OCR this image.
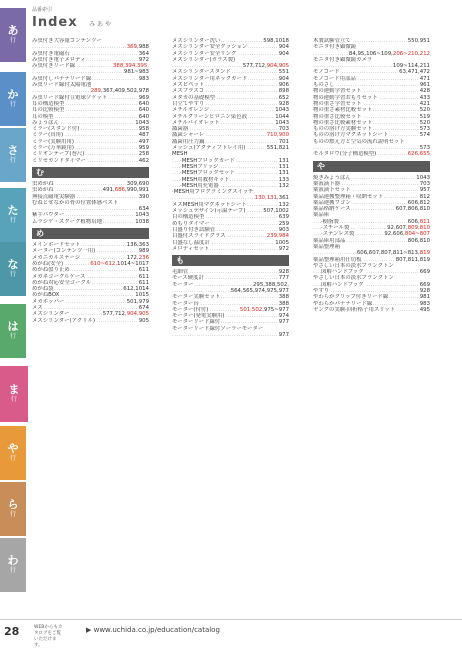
あ
行
か
行
さ
行
た
行
な
行
は
行
ま
行
や
行
ら
行
わ
行
品番索引
Index み あ や
み虫付き大容量コンテンツー
369,988 .....
み虫付き電磁石	364
.....
み虫付き電子メロディ	972
.....
み虫付きリード線	388,394,395,
.....
981~983 .....
み虫付しバナナリード線	983
.....
み虫リード線付太陽電池
289,367,409,502,978 .....
み虫リード線付豆電球ソケット	969
.....
耳の構造模型	640
.....
耳の比較模型	640
.....
耳の模型	640
.....
みょうばん	1043
.....
ミラー(スタンド付)	958
.....
ミラー(真角)	487
.....
ミラー(実験用角)	497
.....
ミラー(万華鏡用)	959
.....
ミリオンテープ(巻尺)	258
.....
ミリセカンドタイマー	462
.....
む
虫めがね	309,690
.....
虫めがね	491,686,990,991
.....
無接点磁電実験器	390
.....
むねとせなかの骨の位置体感ベスト
634 .....
紫芋パウダー	1043
.....
ムラシゲ・スクーグ植物培地	1038
.....
め
メインボードセット	136,363
.....
メーター(コンテンツ一用)	989
.....
メカニカルステージ	172,236
.....
めがね(安全)	610~612,1014~1017
.....
めがね曇り止め	611
.....
メガネゴーグルケース	611
.....
めがね対応安全ゴーグル	611
.....
めがね袋	612,1014
.....
めがねBOX	1015
.....
メカホッパー	501,979
.....
メス	674
.....
メスシリンダー	577,712,904,905
.....
メスシリンダー(アクリル)	905
.....
メスシリンダー洗い	598,1018
.....
メスシリンダー安全クッション	904
.....
メスシリンダー安全リング	904
.....
メスシリンダー(ガラス製)
577,712,904,905 .....
メスシリンダースタンド	551
.....
メスシリンダー用ネックガード	904
.....
メスピペット	906
.....
メスフラスコ	898
.....
メダカの基礎模型	652
.....
目立てやすり	928
.....
メチルオレンジ	1043
.....
メチルグリーンピロニン染色液	1044
.....
メチルバイオレット	1043
.....
滅菌器	703
.....
滅菌シャーレ	710,900
.....
滅菌用圧力鍋	701
.....
メッシュ(アクティブトレイ用)	551,821
.....
MESH
·MESHブロックカード	131
.....
·MESHブリッジ	131
.....
·MESHブロックセット	131
.....
·MESH用教材キット	133
.....
·MESH用充電器	132
.....
·MESH用プログラミングスイッチ
130,131,361 .....
メスMESH用マグネットシート	132
.....
メッシュデザイン(示温テープ)	507,1002
.....
目の構造模型	639
.....
めもりタイマー	259
.....
目盛り付き試験管	903
.....
目盛付スライドグラス	239,984
.....
目盛なし温度計	1005
.....
メロディセット	972
.....
も
毛細管	928
.....
モース硬度計	777
.....
モーター	295,388,502,
.....
564,565,974,975,977 .....
モーター実験セット	388
.....
モーター台	388
.....
モーター(付付)	501,502,975~977
.....
モーター(発電実験用)	974
.....
モーターリード線付	977
.....
モーターリード線付ソーラーモーター
977 .....
木製試験管立て	550,951
.....
モニタ付き顕微鏡
84,95,106~109,206~210,212 .....
モニタ付き顕微鏡カメラ
109~114,211 .....
モノコード	63,471,472
.....
モノコード用部品	471
.....
ものさし	961
.....
物の運動学習セット	428
.....
物の運動学習おもりセット	433
.....
物の重さ学習セット	421
.....
物の重さ素材比較セット	520
.....
物の重さ比較セット	519
.....
物の重さ比較素材セット	520
.....
ものの溶け方実験セット	573
.....
ものの溶け方マグネットシート	574
.....
ものの燃え方と空気の流れ説明セット
573 .....
モルタロウ(分子構造模型)	626,655
.....
や
焼きみょうばん	1043
.....
薬液滴下器	703
.....
薬液滴下セット	957
.....
薬品運搬整理箱・収納セット	812
.....
薬品運搬ワゴン	606,812
.....
薬品格納ケース	607,806,810
.....
薬品庫
·樹脂製	606,811
.....
·スチール製	92,607,809,810
.....
·ステンレス製	92,606,804~807
.....
薬品庫用部品	806,810
.....
薬品整理箱
606,607,807,811~813,819 .....
薬品整理箱用仕切板	807,811,819
.....
やさしい日本の淡水プランクトン
図解ハンドブック	669
.....
やさしい日本の淡水プランクトン
図解ハンドブック	669
.....
やすり	928
.....
やわらかクリップ付きリード線	981
.....
やわらかバナナリード線	983
.....
ヤングの実験·回折格子用スリット	495
.....
28	WEBからもカタログをご覧いただけます。
▶ www.uchida.co.jp/education/catalog
